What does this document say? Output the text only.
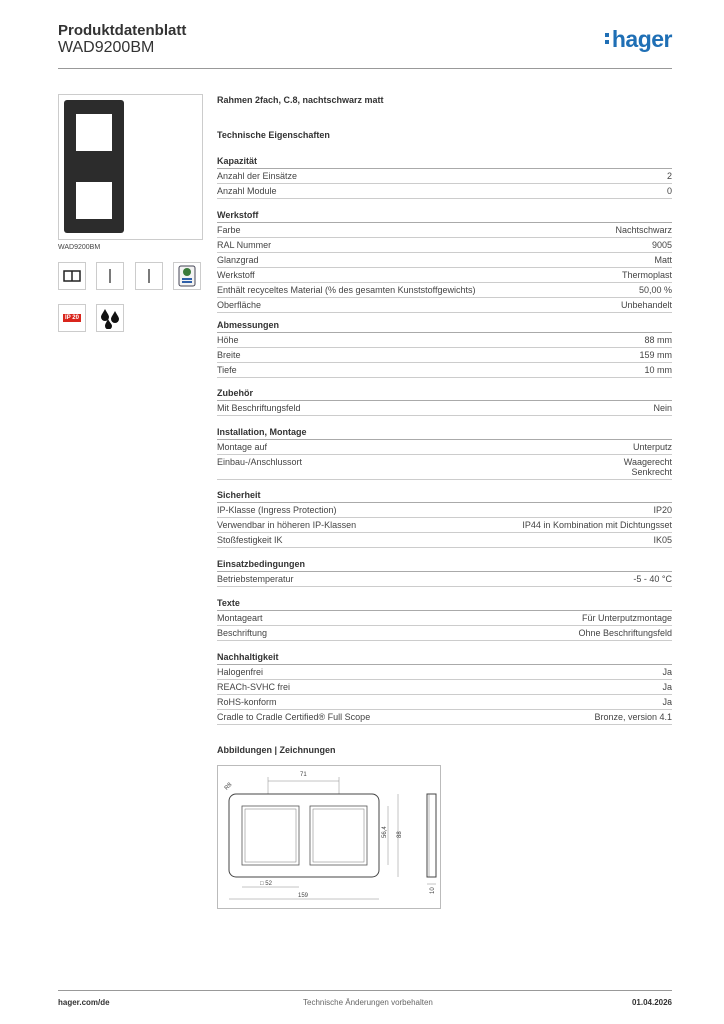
Produktdatenblatt
WAD9200BM	hager
WAD9200BM
IP 20
Rahmen 2fach, C.8, nachtschwarz matt
Technische Eigenschaften
Kapazität
Anzahl der Einsätze	2
Anzahl Module	0
Werkstoff
Farbe	Nachtschwarz
RAL Nummer	9005
Glanzgrad	Matt
Werkstoff	Thermoplast
Enthält recyceltes Material (% des gesamten Kunststoffgewichts)	50,00 %
Oberfläche	Unbehandelt
Abmessungen
Höhe	88 mm
Breite	159 mm
Tiefe	10 mm
Zubehör
Mit Beschriftungsfeld	Nein
Installation, Montage
Montage auf	Unterputz
Einbau-/Anschlussort	Waagerecht
Senkrecht
Sicherheit
IP-Klasse (Ingress Protection)	IP20
Verwendbar in höheren IP-Klassen	IP44 in Kombination mit Dichtungsset
Stoßfestigkeit IK	IK05
Einsatzbedingungen
Betriebstemperatur	-5 - 40 °C
Texte
Montageart	Für Unterputzmontage
Beschriftung	Ohne Beschriftungsfeld
Nachhaltigkeit
Halogenfrei	Ja
REACh-SVHC frei	Ja
RoHS-konform	Ja
Cradle to Cradle Certified® Full Scope	Bronze, version 4.1
Abbildungen | Zeichnungen
71
R8
56,4 88
□ 52
159
10
hager.com/de	Technische Änderungen vorbehalten	01.04.2026
